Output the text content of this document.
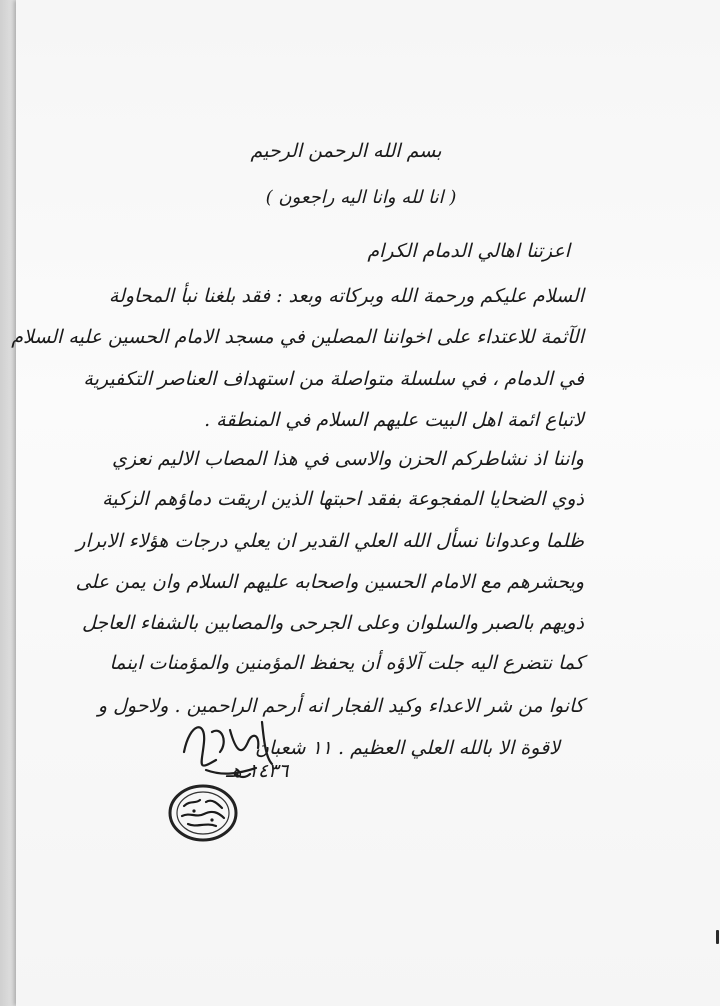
بسم الله الرحمن الرحيم
( انا لله وانا اليه راجعون )
اعزتنا اهالي الدمام الكرام
السلام عليكم ورحمة الله وبركاته وبعد : فقد بلغنا نبأ المحاولة
الآثمة للاعتداء على اخواننا المصلين في مسجد الامام الحسين عليه السلام
في الدمام ، في سلسلة متواصلة من استهداف العناصر التكفيرية
لاتباع ائمة اهل البيت عليهم السلام في المنطقة .
واننا اذ نشاطركم الحزن والاسى في هذا المصاب الاليم نعزي
ذوي الضحايا المفجوعة بفقد احبتها الذين اريقت دماؤهم الزكية
ظلما وعدوانا نسأل الله العلي القدير ان يعلي درجات هؤلاء الابرار
ويحشرهم مع الامام الحسين واصحابه عليهم السلام وان يمن على
ذويهم بالصبر والسلوان وعلى الجرحى والمصابين بالشفاء العاجل
كما نتضرع اليه جلت آلاؤه أن يحفظ المؤمنين والمؤمنات اينما
كانوا من شر الاعداء وكيد الفجار انه أرحم الراحمين . ولاحول و
لاقوة الا بالله العلي العظيم . ١١ شعبان
١٤٣٦ هـ
